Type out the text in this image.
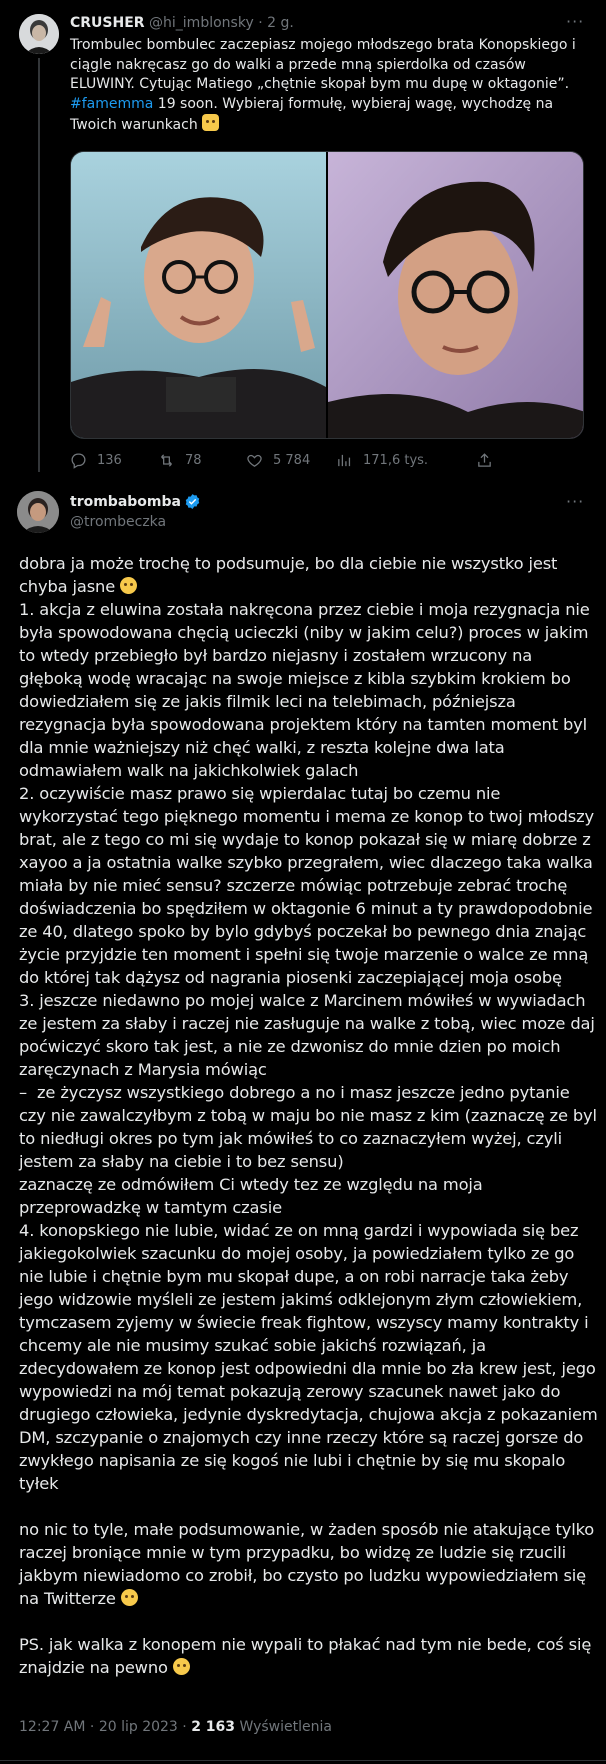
CRUSHER @hi_imblonsky · 2 g.	···
Trombulec bombulec zaczepiasz mojego młodszego brata Konopskiego i ciągle nakręcasz go do walki a przede mną spierdolka od czasów ELUWINY. Cytując Matiego „chętnie skopał bym mu dupę w oktagonie”. #famemma 19 soon. Wybieraj formułę, wybieraj wagę, wychodzę na Twoich warunkach
136	78	5 784	171,6 tys.
trombabomba
@trombeczka
···
dobra ja może trochę to podsumuje, bo dla ciebie nie wszystko jest chyba jasne
1. akcja z eluwina została nakręcona przez ciebie i moja rezygnacja nie była spowodowana chęcią ucieczki (niby w jakim celu?) proces w jakim to wtedy przebiegło był bardzo niejasny i zostałem wrzucony na głęboką wodę wracając na swoje miejsce z kibla szybkim krokiem bo dowiedziałem się ze jakis filmik leci na telebimach, późniejsza rezygnacja była spowodowana projektem który na tamten moment byl dla mnie ważniejszy niż chęć walki, z reszta kolejne dwa lata odmawiałem walk na jakichkolwiek galach
2. oczywiście masz prawo się wpierdalac tutaj bo czemu nie wykorzystać tego pięknego momentu i mema ze konop to twoj młodszy brat, ale z tego co mi się wydaje to konop pokazał się w miarę dobrze z xayoo a ja ostatnia walke szybko przegrałem, wiec dlaczego taka walka miała by nie mieć sensu? szczerze mówiąc potrzebuje zebrać trochę doświadczenia bo spędziłem w oktagonie 6 minut a ty prawdopodobnie ze 40, dlatego spoko by bylo gdybyś poczekał bo pewnego dnia znając życie przyjdzie ten moment i spełni się twoje marzenie o walce ze mną do której tak dążysz od nagrania piosenki zaczepiającej moja osobę
3. jeszcze niedawno po mojej walce z Marcinem mówiłeś w wywiadach ze jestem za słaby i raczej nie zasługuje na walke z tobą, wiec moze daj poćwiczyć skoro tak jest, a nie ze dzwonisz do mnie dzien po moich zaręczynach z Marysia mówiąc
–  ze życzysz wszystkiego dobrego a no i masz jeszcze jedno pytanie czy nie zawalczyłbym z tobą w maju bo nie masz z kim (zaznaczę ze byl to niedługi okres po tym jak mówiłeś to co zaznaczyłem wyżej, czyli jestem za słaby na ciebie i to bez sensu)
zaznaczę ze odmówiłem Ci wtedy tez ze względu na moja przeprowadzkę w tamtym czasie
4. konopskiego nie lubie, widać ze on mną gardzi i wypowiada się bez jakiegokolwiek szacunku do mojej osoby, ja powiedziałem tylko ze go nie lubie i chętnie bym mu skopał dupe, a on robi narracje taka żeby jego widzowie myśleli ze jestem jakimś odklejonym złym człowiekiem, tymczasem zyjemy w świecie freak fightow, wszyscy mamy kontrakty i chcemy ale nie musimy szukać sobie jakichś rozwiązań, ja zdecydowałem ze konop jest odpowiedni dla mnie bo zła krew jest, jego wypowiedzi na mój temat pokazują zerowy szacunek nawet jako do drugiego człowieka, jedynie dyskredytacja, chujowa akcja z pokazaniem DM, szczypanie o znajomych czy inne rzeczy które są raczej gorsze do zwykłego napisania ze się kogoś nie lubi i chętnie by się mu skopalo tyłek

no nic to tyle, małe podsumowanie, w żaden sposób nie atakujące tylko raczej broniące mnie w tym przypadku, bo widzę ze ludzie się rzucili jakbym niewiadomo co zrobił, bo czysto po ludzku wypowiedziałem się na Twitterze

PS. jak walka z konopem nie wypali to płakać nad tym nie bede, coś się znajdzie na pewno
12:27 AM · 20 lip 2023 · 2 163 Wyświetlenia
